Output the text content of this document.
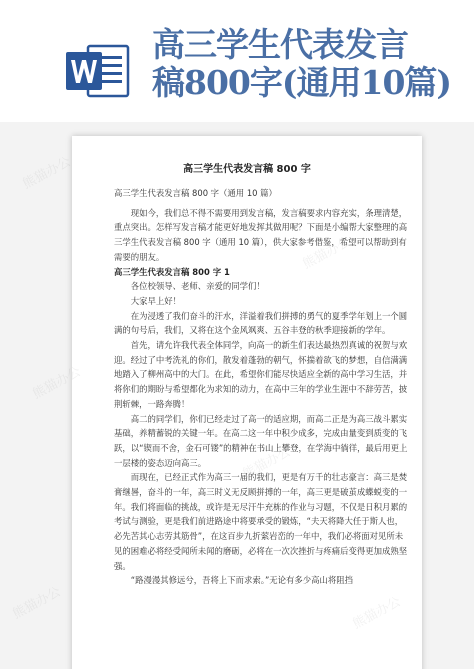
高三学生代表发言
稿800字(通用10篇)
高三学生代表发言稿 800 字

高三学生代表发言稿 800 字（通用 10 篇）

现如今，我们总不得不需要用到发言稿，发言稿要求内容充实，条理清楚，重点突出。怎样写发言稿才能更好地发挥其做用呢？下面是小编帮大家整理的高三学生代表发言稿 800 字（通用 10 篇），供大家参考借鉴，希望可以帮助到有需要的朋友。

高三学生代表发言稿 800 字 1

各位校领导、老师、亲爱的同学们！

大家早上好！

在为浸透了我们奋斗的汗水，洋溢着我们拼搏的勇气的夏季学年划上一个圆满的句号后，我们，又将在这个金风飒爽、五谷丰登的秋季迎接新的学年。

首先，请允许我代表全体同学，向高一的新生们表达最热烈真诚的祝贺与欢迎。经过了中考洗礼的你们，散发着蓬勃的朝气，怀揣着欲飞的梦想，自信满满地踏入了柳州高中的大门。在此，希望你们能尽快适应全新的高中学习生活，并将你们的期盼与希望都化为求知的动力，在高中三年的学业生涯中不辞劳苦，披荆斩棘，一路奔腾！

高二的同学们，你们已经走过了高一的适应期，而高二正是为高三战斗累实基础，养精蓄锐的关键一年。在高二这一年中积少成多，完成由量变到质变的飞跃，以“锲而不舍，金石可镂”的精神在书山上攀登，在学海中徜徉，最后用更上一层楼的姿态迈向高三。

而现在，已经正式作为高三一届的我们，更是有万千的壮志豪言：高三是焚膏继晷，奋斗的一年，高三时义无反顾拼搏的一年，高三更是破茧成蝶蜕变的一年。我们将面临的挑战，或许是无尽汗牛充栋的作业与习题，不仅是日积月累的考试与测验，更是我们前进路途中将要承受的锻炼，“夫天将降大任于斯人也，必先苦其心志劳其筋骨”，在这百步九折萦岩峦的一年中，我们必将面对见所未见的困难必将经受闻所未闻的磨砺，必将在一次次挫折与疼痛后变得更加成熟坚强。

“路漫漫其修远兮，吾将上下而求索。”无论有多少高山将阻挡

熊猫办公
熊猫办公
熊猫办公
